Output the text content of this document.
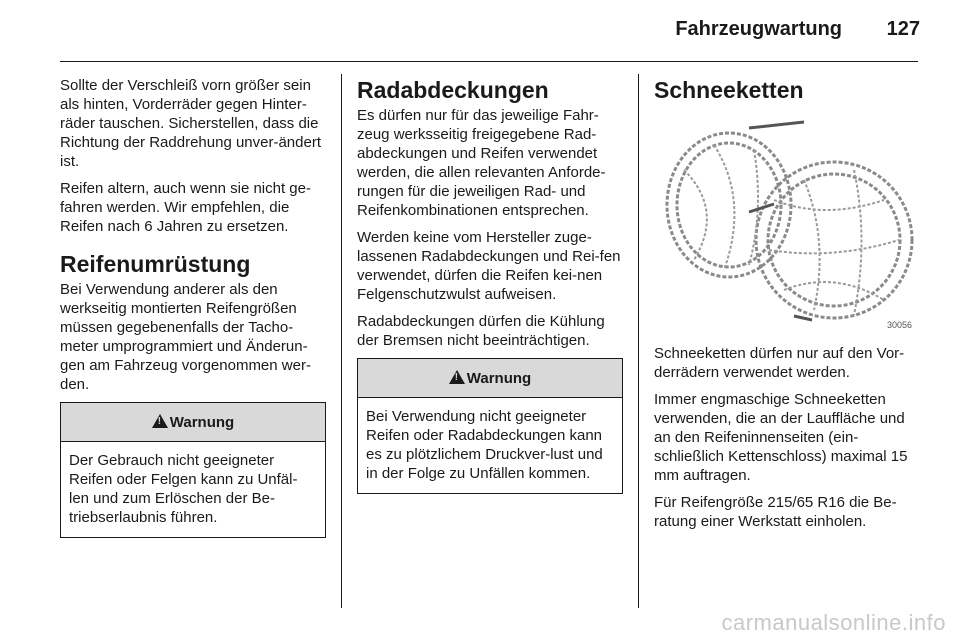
Fahrzeugwartung 127

Sollte der Verschleiß vorn größer sein als hinten, Vorderräder gegen Hinter-räder tauschen. Sicherstellen, dass die Richtung der Raddrehung unver-ändert ist.

Reifen altern, auch wenn sie nicht ge-fahren werden. Wir empfehlen, die Reifen nach 6 Jahren zu ersetzen.

Reifenumrüstung

Bei Verwendung anderer als den werkseitig montierten Reifengrößen müssen gegebenenfalls der Tacho-meter umprogrammiert und Änderun-gen am Fahrzeug vorgenommen wer-den.

!
Warnung
Der Gebrauch nicht geeigneter Reifen oder Felgen kann zu Unfäl-len und zum Erlöschen der Be-triebserlaubnis führen.
Radabdeckungen

Es dürfen nur für das jeweilige Fahr-zeug werksseitig freigegebene Rad-abdeckungen und Reifen verwendet werden, die allen relevanten Anforde-rungen für die jeweiligen Rad- und Reifenkombinationen entsprechen.

Werden keine vom Hersteller zuge-lassenen Radabdeckungen und Rei-fen verwendet, dürfen die Reifen kei-nen Felgenschutzwulst aufweisen.

Radabdeckungen dürfen die Kühlung der Bremsen nicht beeinträchtigen.

!
Warnung
Bei Verwendung nicht geeigneter Reifen oder Radabdeckungen kann es zu plötzlichem Druckver-lust und in der Folge zu Unfällen kommen.
Schneeketten
30056

Schneeketten dürfen nur auf den Vor-derrädern verwendet werden.

Immer engmaschige Schneeketten verwenden, die an der Lauffläche und an den Reifeninnenseiten (ein-schließlich Kettenschloss) maximal 15 mm auftragen.

Für Reifengröße 215/65 R16 die Be-ratung einer Werkstatt einholen.

carmanualsonline.info
